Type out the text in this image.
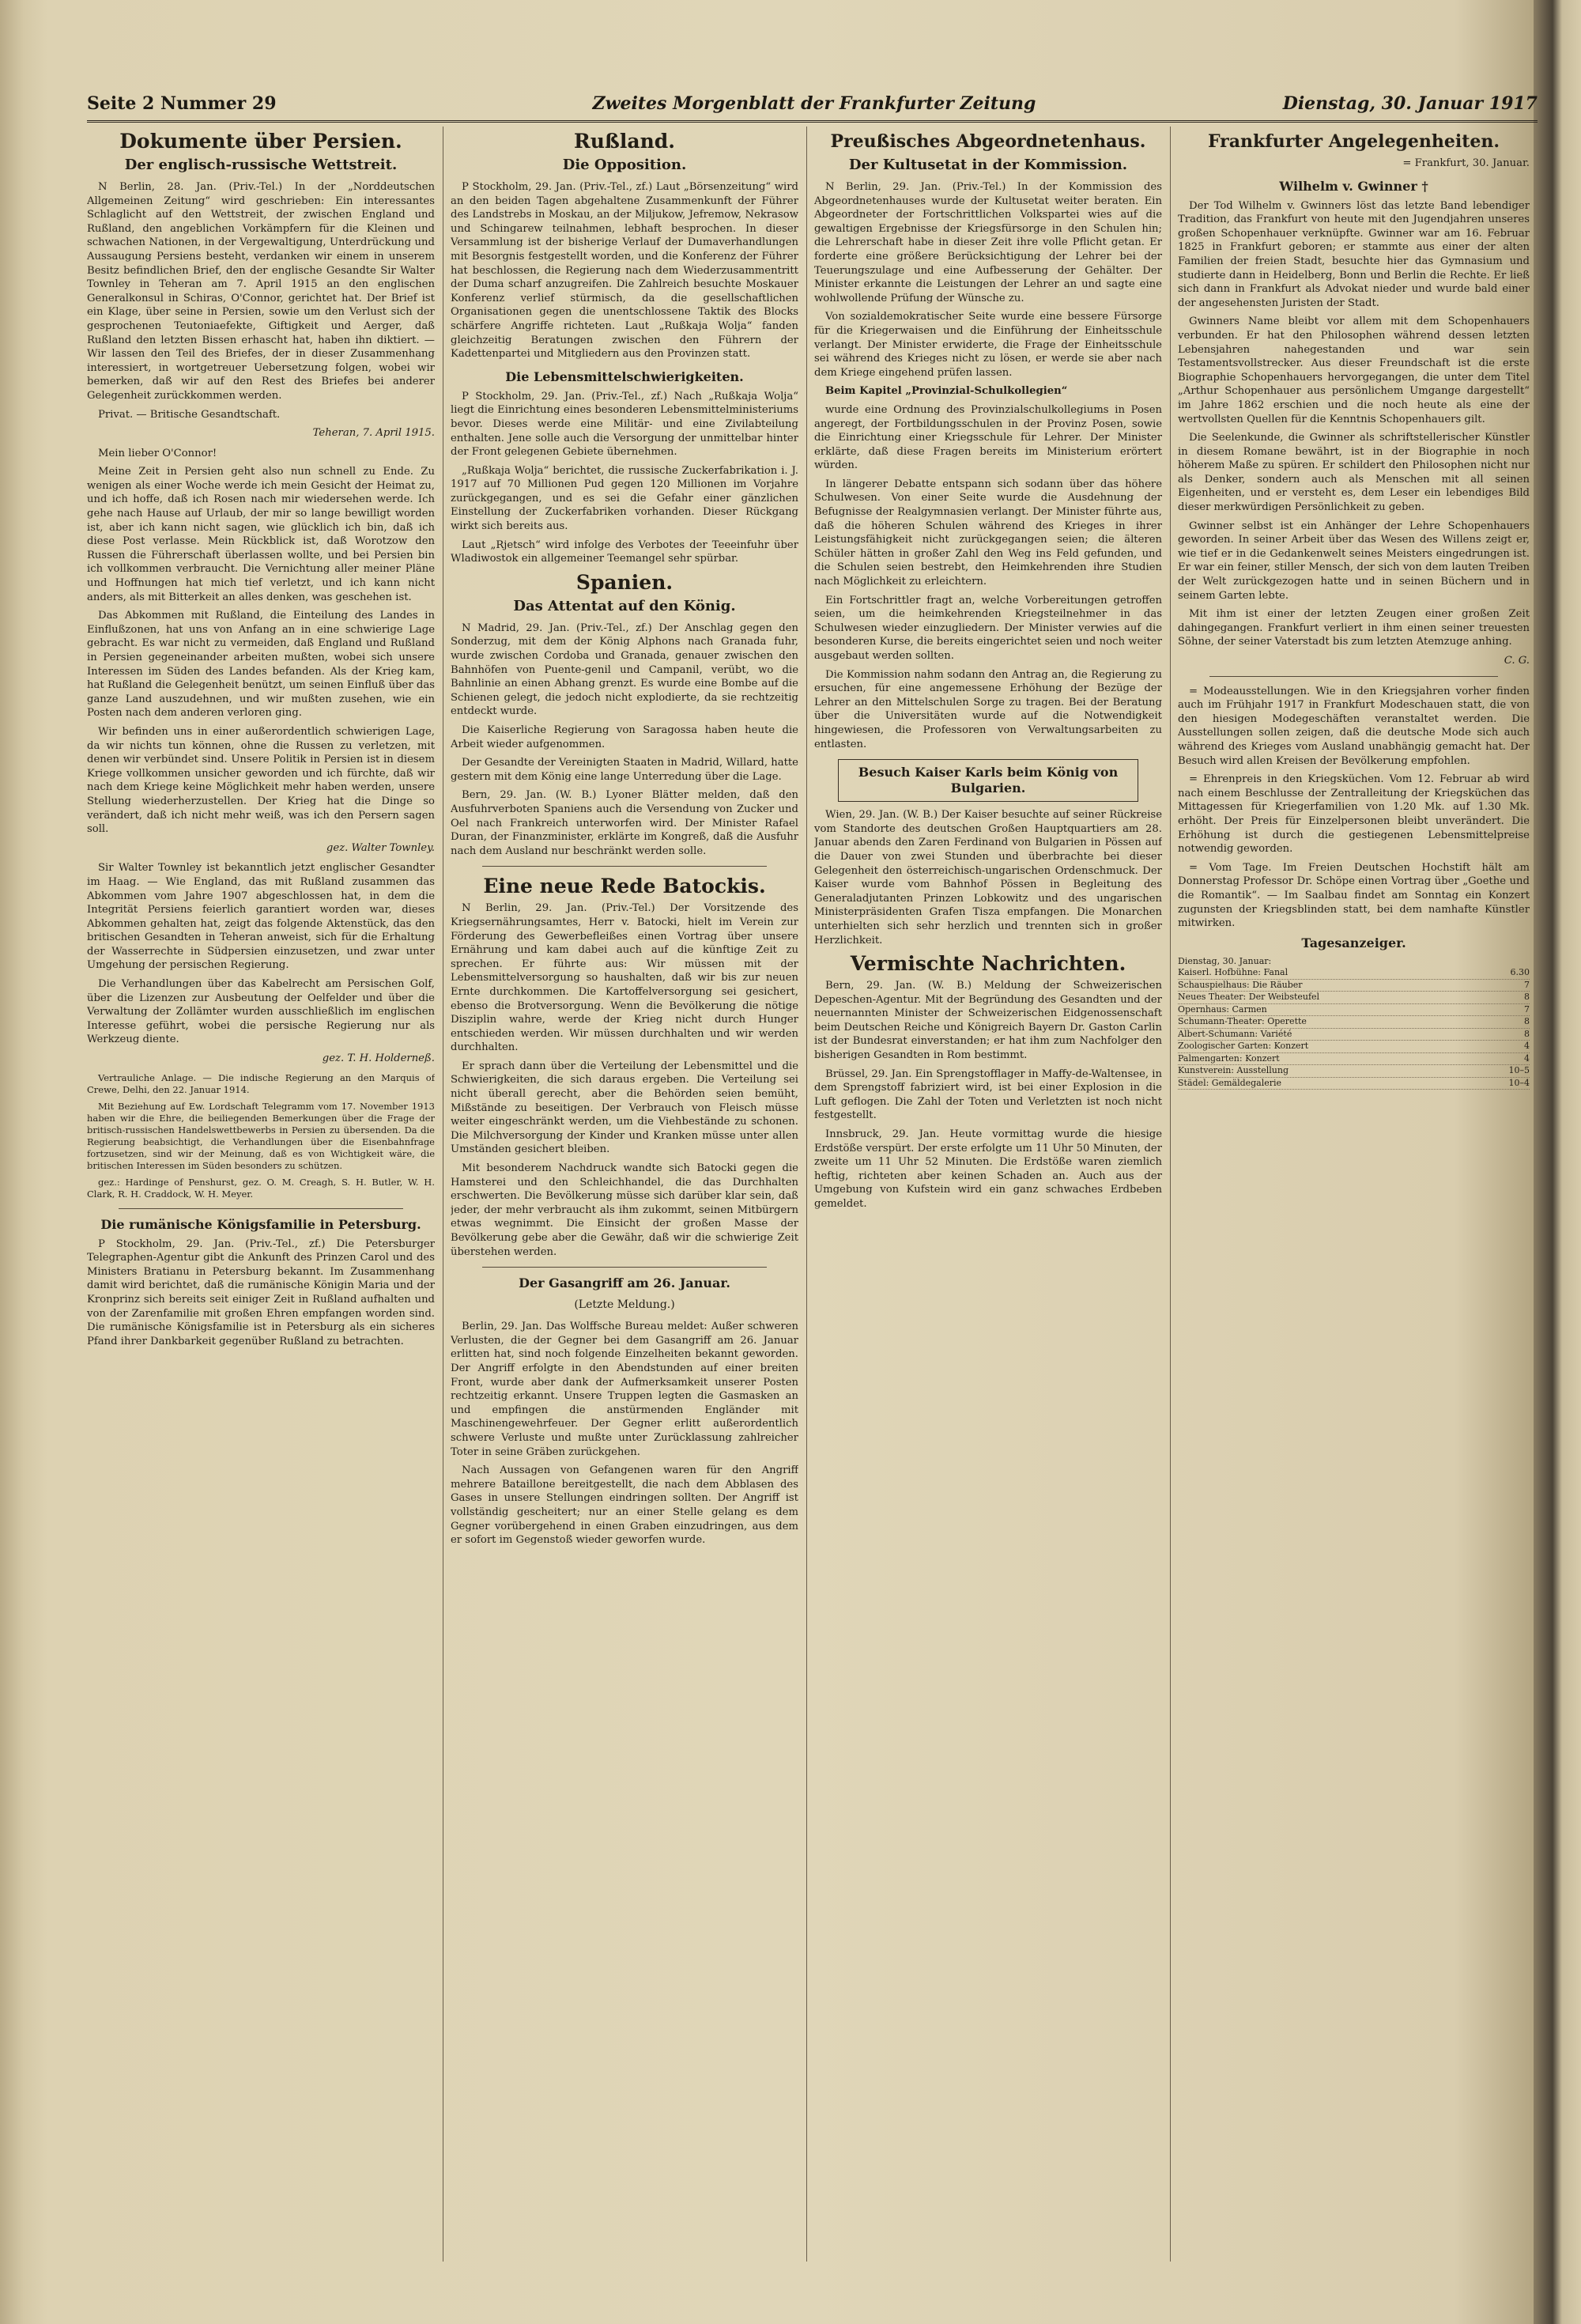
Seite 2 Nummer 29	Zweites Morgenblatt der Frankfurter Zeitung	Dienstag, 30. Januar 1917
Dokumente über Persien.
Der englisch-russische Wettstreit.

N Berlin, 28. Jan. (Priv.-Tel.) In der „Norddeutschen Allgemeinen Zeitung“ wird geschrieben: Ein interessantes Schlaglicht auf den Wettstreit, der zwischen England und Rußland, den angeblichen Vorkämpfern für die Kleinen und schwachen Nationen, in der Vergewaltigung, Unterdrückung und Aussaugung Persiens besteht, verdanken wir einem in unserem Besitz befindlichen Brief, den der englische Gesandte Sir Walter Townley in Teheran am 7. April 1915 an den englischen Generalkonsul in Schiras, O'Connor, gerichtet hat. Der Brief ist ein Klage, über seine in Persien, sowie um den Verlust sich der gesprochenen Teutoniaefekte, Giftigkeit und Aerger, daß Rußland den letzten Bissen erhascht hat, haben ihn diktiert. — Wir lassen den Teil des Briefes, der in dieser Zusammenhang interessiert, in wortgetreuer Uebersetzung folgen, wobei wir bemerken, daß wir auf den Rest des Briefes bei anderer Gelegenheit zurückkommen werden.

Privat. — Britische Gesandtschaft.

Teheran, 7. April 1915.

Mein lieber O'Connor!

Meine Zeit in Persien geht also nun schnell zu Ende. Zu wenigen als einer Woche werde ich mein Gesicht der Heimat zu, und ich hoffe, daß ich Rosen nach mir wiedersehen werde. Ich gehe nach Hause auf Urlaub, der mir so lange bewilligt worden ist, aber ich kann nicht sagen, wie glücklich ich bin, daß ich diese Post verlasse. Mein Rückblick ist, daß Worotzow den Russen die Führerschaft überlassen wollte, und bei Persien bin ich vollkommen verbraucht. Die Vernichtung aller meiner Pläne und Hoffnungen hat mich tief verletzt, und ich kann nicht anders, als mit Bitterkeit an alles denken, was geschehen ist.

Das Abkommen mit Rußland, die Einteilung des Landes in Einflußzonen, hat uns von Anfang an in eine schwierige Lage gebracht. Es war nicht zu vermeiden, daß England und Rußland in Persien gegeneinander arbeiten mußten, wobei sich unsere Interessen im Süden des Landes befanden. Als der Krieg kam, hat Rußland die Gelegenheit benützt, um seinen Einfluß über das ganze Land auszudehnen, und wir mußten zusehen, wie ein Posten nach dem anderen verloren ging.

Wir befinden uns in einer außerordentlich schwierigen Lage, da wir nichts tun können, ohne die Russen zu verletzen, mit denen wir verbündet sind. Unsere Politik in Persien ist in diesem Kriege vollkommen unsicher geworden und ich fürchte, daß wir nach dem Kriege keine Möglichkeit mehr haben werden, unsere Stellung wiederherzustellen. Der Krieg hat die Dinge so verändert, daß ich nicht mehr weiß, was ich den Persern sagen soll.

gez. Walter Townley.

Sir Walter Townley ist bekanntlich jetzt englischer Gesandter im Haag. — Wie England, das mit Rußland zusammen das Abkommen vom Jahre 1907 abgeschlossen hat, in dem die Integrität Persiens feierlich garantiert worden war, dieses Abkommen gehalten hat, zeigt das folgende Aktenstück, das den britischen Gesandten in Teheran anweist, sich für die Erhaltung der Wasserrechte in Südpersien einzusetzen, und zwar unter Umgehung der persischen Regierung.

Die Verhandlungen über das Kabelrecht am Persischen Golf, über die Lizenzen zur Ausbeutung der Oelfelder und über die Verwaltung der Zollämter wurden ausschließlich im englischen Interesse geführt, wobei die persische Regierung nur als Werkzeug diente.

gez. T. H. Holderneß.

Vertrauliche Anlage. — Die indische Regierung an den Marquis of Crewe, Delhi, den 22. Januar 1914.

Mit Beziehung auf Ew. Lordschaft Telegramm vom 17. November 1913 haben wir die Ehre, die beiliegenden Bemerkungen über die Frage der britisch-russischen Handelswettbewerbs in Persien zu übersenden. Da die Regierung beabsichtigt, die Verhandlungen über die Eisenbahnfrage fortzusetzen, sind wir der Meinung, daß es von Wichtigkeit wäre, die britischen Interessen im Süden besonders zu schützen.

gez.: Hardinge of Penshurst, gez. O. M. Creagh, S. H. Butler, W. H. Clark, R. H. Craddock, W. H. Meyer.

Die rumänische Königsfamilie in Petersburg.

P Stockholm, 29. Jan. (Priv.-Tel., zf.) Die Petersburger Telegraphen-Agentur gibt die Ankunft des Prinzen Carol und des Ministers Bratianu in Petersburg bekannt. Im Zusammenhang damit wird berichtet, daß die rumänische Königin Maria und der Kronprinz sich bereits seit einiger Zeit in Rußland aufhalten und von der Zarenfamilie mit großen Ehren empfangen worden sind. Die rumänische Königsfamilie ist in Petersburg als ein sicheres Pfand ihrer Dankbarkeit gegenüber Rußland zu betrachten.

Rußland.
Die Opposition.

P Stockholm, 29. Jan. (Priv.-Tel., zf.) Laut „Börsenzeitung“ wird an den beiden Tagen abgehaltene Zusammenkunft der Führer des Landstrebs in Moskau, an der Miljukow, Jefremow, Nekrasow und Schingarew teilnahmen, lebhaft besprochen. In dieser Versammlung ist der bisherige Verlauf der Dumaverhandlungen mit Besorgnis festgestellt worden, und die Konferenz der Führer hat beschlossen, die Regierung nach dem Wiederzusammentritt der Duma scharf anzugreifen. Die Zahlreich besuchte Moskauer Konferenz verlief stürmisch, da die gesellschaftlichen Organisationen gegen die unentschlossene Taktik des Blocks schärfere Angriffe richteten. Laut „Rußkaja Wolja“ fanden gleichzeitig Beratungen zwischen den Führern der Kadettenpartei und Mitgliedern aus den Provinzen statt.

Die Lebensmittelschwierigkeiten.

P Stockholm, 29. Jan. (Priv.-Tel., zf.) Nach „Rußkaja Wolja“ liegt die Einrichtung eines besonderen Lebensmittelministeriums bevor. Dieses werde eine Militär- und eine Zivilabteilung enthalten. Jene solle auch die Versorgung der unmittelbar hinter der Front gelegenen Gebiete übernehmen.

„Rußkaja Wolja“ berichtet, die russische Zuckerfabrikation i. J. 1917 auf 70 Millionen Pud gegen 120 Millionen im Vorjahre zurückgegangen, und es sei die Gefahr einer gänzlichen Einstellung der Zuckerfabriken vorhanden. Dieser Rückgang wirkt sich bereits aus.

Laut „Rjetsch“ wird infolge des Verbotes der Teeeinfuhr über Wladiwostok ein allgemeiner Teemangel sehr spürbar.

Spanien.
Das Attentat auf den König.

N Madrid, 29. Jan. (Priv.-Tel., zf.) Der Anschlag gegen den Sonderzug, mit dem der König Alphons nach Granada fuhr, wurde zwischen Cordoba und Granada, genauer zwischen den Bahnhöfen von Puente-genil und Campanil, verübt, wo die Bahnlinie an einen Abhang grenzt. Es wurde eine Bombe auf die Schienen gelegt, die jedoch nicht explodierte, da sie rechtzeitig entdeckt wurde.

Die Kaiserliche Regierung von Saragossa haben heute die Arbeit wieder aufgenommen.

Der Gesandte der Vereinigten Staaten in Madrid, Willard, hatte gestern mit dem König eine lange Unterredung über die Lage.

Bern, 29. Jan. (W. B.) Lyoner Blätter melden, daß den Ausfuhrverboten Spaniens auch die Versendung von Zucker und Oel nach Frankreich unterworfen wird. Der Minister Rafael Duran, der Finanzminister, erklärte im Kongreß, daß die Ausfuhr nach dem Ausland nur beschränkt werden solle.

Eine neue Rede Batockis.

N Berlin, 29. Jan. (Priv.-Tel.) Der Vorsitzende des Kriegsernährungsamtes, Herr v. Batocki, hielt im Verein zur Förderung des Gewerbefleißes einen Vortrag über unsere Ernährung und kam dabei auch auf die künftige Zeit zu sprechen. Er führte aus: Wir müssen mit der Lebensmittelversorgung so haushalten, daß wir bis zur neuen Ernte durchkommen. Die Kartoffelversorgung sei gesichert, ebenso die Brotversorgung. Wenn die Bevölkerung die nötige Disziplin wahre, werde der Krieg nicht durch Hunger entschieden werden. Wir müssen durchhalten und wir werden durchhalten.

Er sprach dann über die Verteilung der Lebensmittel und die Schwierigkeiten, die sich daraus ergeben. Die Verteilung sei nicht überall gerecht, aber die Behörden seien bemüht, Mißstände zu beseitigen. Der Verbrauch von Fleisch müsse weiter eingeschränkt werden, um die Viehbestände zu schonen. Die Milchversorgung der Kinder und Kranken müsse unter allen Umständen gesichert bleiben.

Mit besonderem Nachdruck wandte sich Batocki gegen die Hamsterei und den Schleichhandel, die das Durchhalten erschwerten. Die Bevölkerung müsse sich darüber klar sein, daß jeder, der mehr verbraucht als ihm zukommt, seinen Mitbürgern etwas wegnimmt. Die Einsicht der großen Masse der Bevölkerung gebe aber die Gewähr, daß wir die schwierige Zeit überstehen werden.

Der Gasangriff am 26. Januar.
(Letzte Meldung.)

Berlin, 29. Jan. Das Wolffsche Bureau meldet: Außer schweren Verlusten, die der Gegner bei dem Gasangriff am 26. Januar erlitten hat, sind noch folgende Einzelheiten bekannt geworden. Der Angriff erfolgte in den Abendstunden auf einer breiten Front, wurde aber dank der Aufmerksamkeit unserer Posten rechtzeitig erkannt. Unsere Truppen legten die Gasmasken an und empfingen die anstürmenden Engländer mit Maschinengewehrfeuer. Der Gegner erlitt außerordentlich schwere Verluste und mußte unter Zurücklassung zahlreicher Toter in seine Gräben zurückgehen.

Nach Aussagen von Gefangenen waren für den Angriff mehrere Bataillone bereitgestellt, die nach dem Abblasen des Gases in unsere Stellungen eindringen sollten. Der Angriff ist vollständig gescheitert; nur an einer Stelle gelang es dem Gegner vorübergehend in einen Graben einzudringen, aus dem er sofort im Gegenstoß wieder geworfen wurde.

Preußisches Abgeordnetenhaus.
Der Kultusetat in der Kommission.

N Berlin, 29. Jan. (Priv.-Tel.) In der Kommission des Abgeordnetenhauses wurde der Kultusetat weiter beraten. Ein Abgeordneter der Fortschrittlichen Volkspartei wies auf die gewaltigen Ergebnisse der Kriegsfürsorge in den Schulen hin; die Lehrerschaft habe in dieser Zeit ihre volle Pflicht getan. Er forderte eine größere Berücksichtigung der Lehrer bei der Teuerungszulage und eine Aufbesserung der Gehälter. Der Minister erkannte die Leistungen der Lehrer an und sagte eine wohlwollende Prüfung der Wünsche zu.

Von sozialdemokratischer Seite wurde eine bessere Fürsorge für die Kriegerwaisen und die Einführung der Einheitsschule verlangt. Der Minister erwiderte, die Frage der Einheitsschule sei während des Krieges nicht zu lösen, er werde sie aber nach dem Kriege eingehend prüfen lassen.

Beim Kapitel „Provinzial-Schulkollegien“

wurde eine Ordnung des Provinzialschulkollegiums in Posen angeregt, der Fortbildungsschulen in der Provinz Posen, sowie die Einrichtung einer Kriegsschule für Lehrer. Der Minister erklärte, daß diese Fragen bereits im Ministerium erörtert würden.

In längerer Debatte entspann sich sodann über das höhere Schulwesen. Von einer Seite wurde die Ausdehnung der Befugnisse der Realgymnasien verlangt. Der Minister führte aus, daß die höheren Schulen während des Krieges in ihrer Leistungsfähigkeit nicht zurückgegangen seien; die älteren Schüler hätten in großer Zahl den Weg ins Feld gefunden, und die Schulen seien bestrebt, den Heimkehrenden ihre Studien nach Möglichkeit zu erleichtern.

Ein Fortschrittler fragt an, welche Vorbereitungen getroffen seien, um die heimkehrenden Kriegsteilnehmer in das Schulwesen wieder einzugliedern. Der Minister verwies auf die besonderen Kurse, die bereits eingerichtet seien und noch weiter ausgebaut werden sollten.

Die Kommission nahm sodann den Antrag an, die Regierung zu ersuchen, für eine angemessene Erhöhung der Bezüge der Lehrer an den Mittelschulen Sorge zu tragen. Bei der Beratung über die Universitäten wurde auf die Notwendigkeit hingewiesen, die Professoren von Verwaltungsarbeiten zu entlasten.

Besuch Kaiser Karls beim König von Bulgarien.

Wien, 29. Jan. (W. B.) Der Kaiser besuchte auf seiner Rückreise vom Standorte des deutschen Großen Hauptquartiers am 28. Januar abends den Zaren Ferdinand von Bulgarien in Pössen auf die Dauer von zwei Stunden und überbrachte bei dieser Gelegenheit den österreichisch-ungarischen Ordenschmuck. Der Kaiser wurde vom Bahnhof Pössen in Begleitung des Generaladjutanten Prinzen Lobkowitz und des ungarischen Ministerpräsidenten Grafen Tisza empfangen. Die Monarchen unterhielten sich sehr herzlich und trennten sich in großer Herzlichkeit.

Vermischte Nachrichten.

Bern, 29. Jan. (W. B.) Meldung der Schweizerischen Depeschen-Agentur. Mit der Begründung des Gesandten und der neuernannten Minister der Schweizerischen Eidgenossenschaft beim Deutschen Reiche und Königreich Bayern Dr. Gaston Carlin ist der Bundesrat einverstanden; er hat ihm zum Nachfolger den bisherigen Gesandten in Rom bestimmt.

Brüssel, 29. Jan. Ein Sprengstofflager in Maffy-de-Waltensee, in dem Sprengstoff fabriziert wird, ist bei einer Explosion in die Luft geflogen. Die Zahl der Toten und Verletzten ist noch nicht festgestellt.

Innsbruck, 29. Jan. Heute vormittag wurde die hiesige Erdstöße verspürt. Der erste erfolgte um 11 Uhr 50 Minuten, der zweite um 11 Uhr 52 Minuten. Die Erdstöße waren ziemlich heftig, richteten aber keinen Schaden an. Auch aus der Umgebung von Kufstein wird ein ganz schwaches Erdbeben gemeldet.

Frankfurter Angelegenheiten.
= Frankfurt, 30. Januar.
Wilhelm v. Gwinner †

Der Tod Wilhelm v. Gwinners löst das letzte Band lebendiger Tradition, das Frankfurt von heute mit den Jugendjahren unseres großen Schopenhauer verknüpfte. Gwinner war am 16. Februar 1825 in Frankfurt geboren; er stammte aus einer der alten Familien der freien Stadt, besuchte hier das Gymnasium und studierte dann in Heidelberg, Bonn und Berlin die Rechte. Er ließ sich dann in Frankfurt als Advokat nieder und wurde bald einer der angesehensten Juristen der Stadt.

Gwinners Name bleibt vor allem mit dem Schopenhauers verbunden. Er hat den Philosophen während dessen letzten Lebensjahren nahegestanden und war sein Testamentsvollstrecker. Aus dieser Freundschaft ist die erste Biographie Schopenhauers hervorgegangen, die unter dem Titel „Arthur Schopenhauer aus persönlichem Umgange dargestellt“ im Jahre 1862 erschien und die noch heute als eine der wertvollsten Quellen für die Kenntnis Schopenhauers gilt.

Die Seelenkunde, die Gwinner als schriftstellerischer Künstler in diesem Romane bewährt, ist in der Biographie in noch höherem Maße zu spüren. Er schildert den Philosophen nicht nur als Denker, sondern auch als Menschen mit all seinen Eigenheiten, und er versteht es, dem Leser ein lebendiges Bild dieser merkwürdigen Persönlichkeit zu geben.

Gwinner selbst ist ein Anhänger der Lehre Schopenhauers geworden. In seiner Arbeit über das Wesen des Willens zeigt er, wie tief er in die Gedankenwelt seines Meisters eingedrungen ist. Er war ein feiner, stiller Mensch, der sich von dem lauten Treiben der Welt zurückgezogen hatte und in seinen Büchern und in seinem Garten lebte.

Mit ihm ist einer der letzten Zeugen einer großen Zeit dahingegangen. Frankfurt verliert in ihm einen seiner treuesten Söhne, der seiner Vaterstadt bis zum letzten Atemzuge anhing.

C. G.

= Modeausstellungen. Wie in den Kriegsjahren vorher finden auch im Frühjahr 1917 in Frankfurt Modeschauen statt, die von den hiesigen Modegeschäften veranstaltet werden. Die Ausstellungen sollen zeigen, daß die deutsche Mode sich auch während des Krieges vom Ausland unabhängig gemacht hat. Der Besuch wird allen Kreisen der Bevölkerung empfohlen.

= Ehrenpreis in den Kriegsküchen. Vom 12. Februar ab wird nach einem Beschlusse der Zentralleitung der Kriegsküchen das Mittagessen für Kriegerfamilien von 1.20 Mk. auf 1.30 Mk. erhöht. Der Preis für Einzelpersonen bleibt unverändert. Die Erhöhung ist durch die gestiegenen Lebensmittelpreise notwendig geworden.

= Vom Tage. Im Freien Deutschen Hochstift hält am Donnerstag Professor Dr. Schöpe einen Vortrag über „Goethe und die Romantik“. — Im Saalbau findet am Sonntag ein Konzert zugunsten der Kriegsblinden statt, bei dem namhafte Künstler mitwirken.

Tagesanzeiger.
Dienstag, 30. Januar:
Kaiserl. Hofbühne: Fanal	6.30
Schauspielhaus: Die Räuber	7
Neues Theater: Der Weibsteufel	8
Opernhaus: Carmen	7
Schumann-Theater: Operette	8
Albert-Schumann: Variété	8
Zoologischer Garten: Konzert	4
Palmengarten: Konzert	4
Kunstverein: Ausstellung	10–5
Städel: Gemäldegalerie	10–4
